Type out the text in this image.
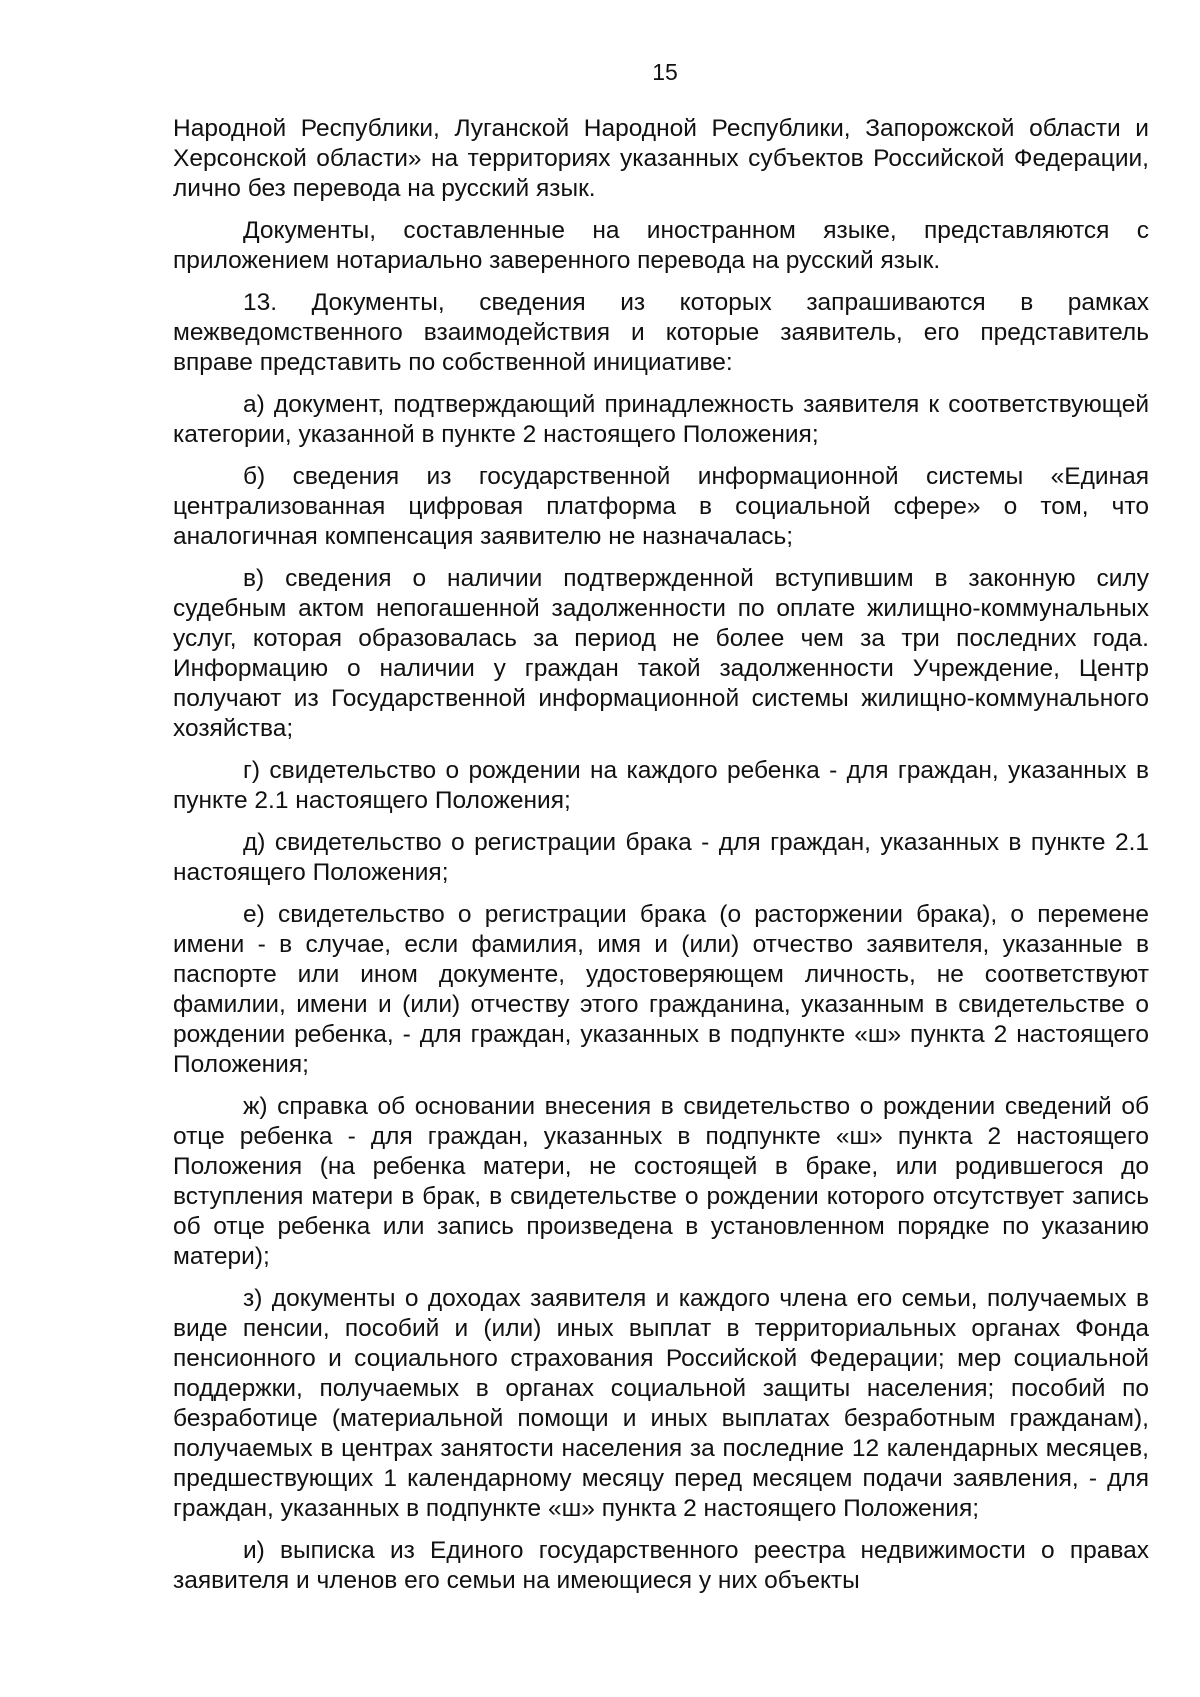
15

Народной Республики, Луганской Народной Республики, Запорожской области и Херсонской области» на территориях указанных субъектов Российской Федерации, лично без перевода на русский язык.

Документы, составленные на иностранном языке, представляются с приложением нотариально заверенного перевода на русский язык.

13. Документы, сведения из которых запрашиваются в рамках межведомственного взаимодействия и которые заявитель, его представитель вправе представить по собственной инициативе:

а) документ, подтверждающий принадлежность заявителя к соответствующей категории, указанной в пункте 2 настоящего Положения;

б) сведения из государственной информационной системы «Единая централизованная цифровая платформа в социальной сфере» о том, что аналогичная компенсация заявителю не назначалась;

в) сведения о наличии подтвержденной вступившим в законную силу судебным актом непогашенной задолженности по оплате жилищно-коммунальных услуг, которая образовалась за период не более чем за три последних года. Информацию о наличии у граждан такой задолженности Учреждение, Центр получают из Государственной информационной системы жилищно-коммунального хозяйства;

г) свидетельство о рождении на каждого ребенка - для граждан, указанных в пункте 2.1 настоящего Положения;

д) свидетельство о регистрации брака - для граждан, указанных в пункте 2.1 настоящего Положения;

е) свидетельство о регистрации брака (о расторжении брака), о перемене имени - в случае, если фамилия, имя и (или) отчество заявителя, указанные в паспорте или ином документе, удостоверяющем личность, не соответствуют фамилии, имени и (или) отчеству этого гражданина, указанным в свидетельстве о рождении ребенка, - для граждан, указанных в подпункте «ш» пункта 2 настоящего Положения;

ж) справка об основании внесения в свидетельство о рождении сведений об отце ребенка - для граждан, указанных в подпункте «ш» пункта 2 настоящего Положения (на ребенка матери, не состоящей в браке, или родившегося до вступления матери в брак, в свидетельстве о рождении которого отсутствует запись об отце ребенка или запись произведена в установленном порядке по указанию матери);

з) документы о доходах заявителя и каждого члена его семьи, получаемых в виде пенсии, пособий и (или) иных выплат в территориальных органах Фонда пенсионного и социального страхования Российской Федерации; мер социальной поддержки, получаемых в органах социальной защиты населения; пособий по безработице (материальной помощи и иных выплатах безработным гражданам), получаемых в центрах занятости населения за последние 12 календарных месяцев, предшествующих 1 календарному месяцу перед месяцем подачи заявления, - для граждан, указанных в подпункте «ш» пункта 2 настоящего Положения;

и) выписка из Единого государственного реестра недвижимости о правах заявителя и членов его семьи на имеющиеся у них объекты
